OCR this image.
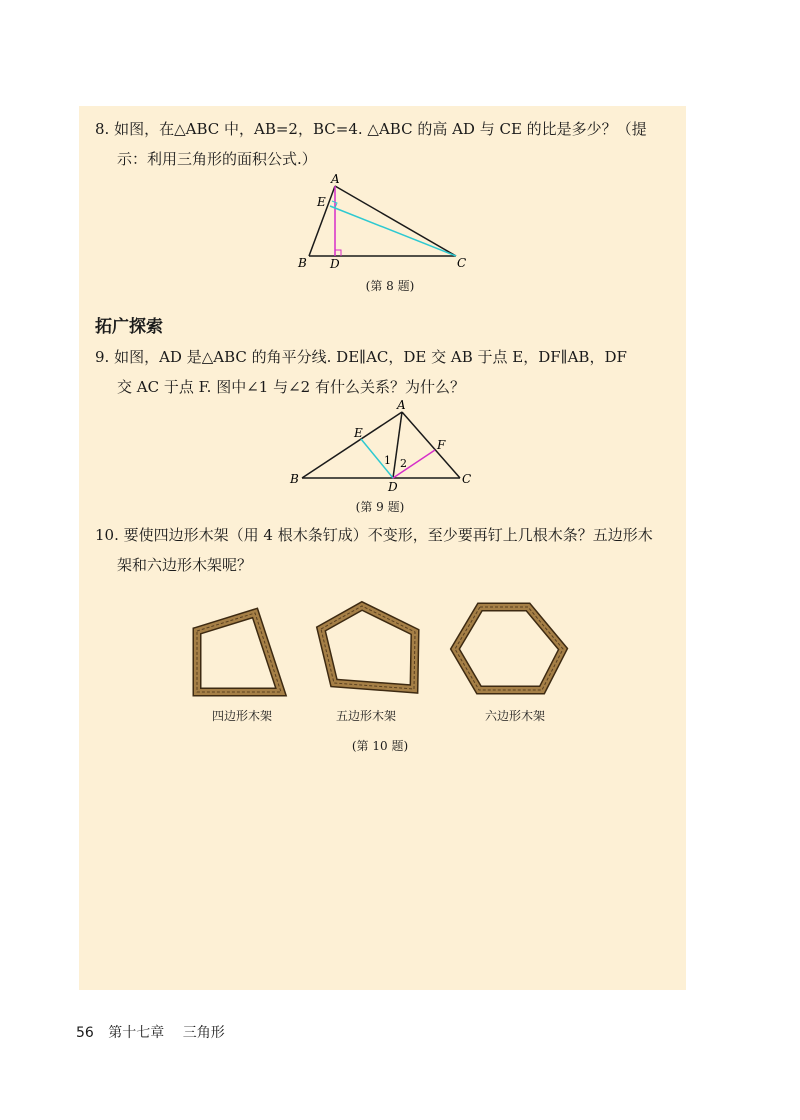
8. 如图，在△ABC 中，AB=2，BC=4. △ABC 的高 AD 与 CE 的比是多少？（提

示：利用三角形的面积公式.）

A
E
B D	C
(第 8 题)
拓广探索

9. 如图，AD 是△ABC 的角平分线. DE∥AC，DE 交 AB 于点 E，DF∥AB，DF

交 AC 于点 F. 图中∠1 与∠2 有什么关系？为什么？

A
E
F
1 2
B
D
C
(第 9 题)

10. 要使四边形木架（用 4 根木条钉成）不变形，至少要再钉上几根木条？五边形木

架和六边形木架呢？

四边形木架	五边形木架	六边形木架
(第 10 题)
56 第十七章 三角形
